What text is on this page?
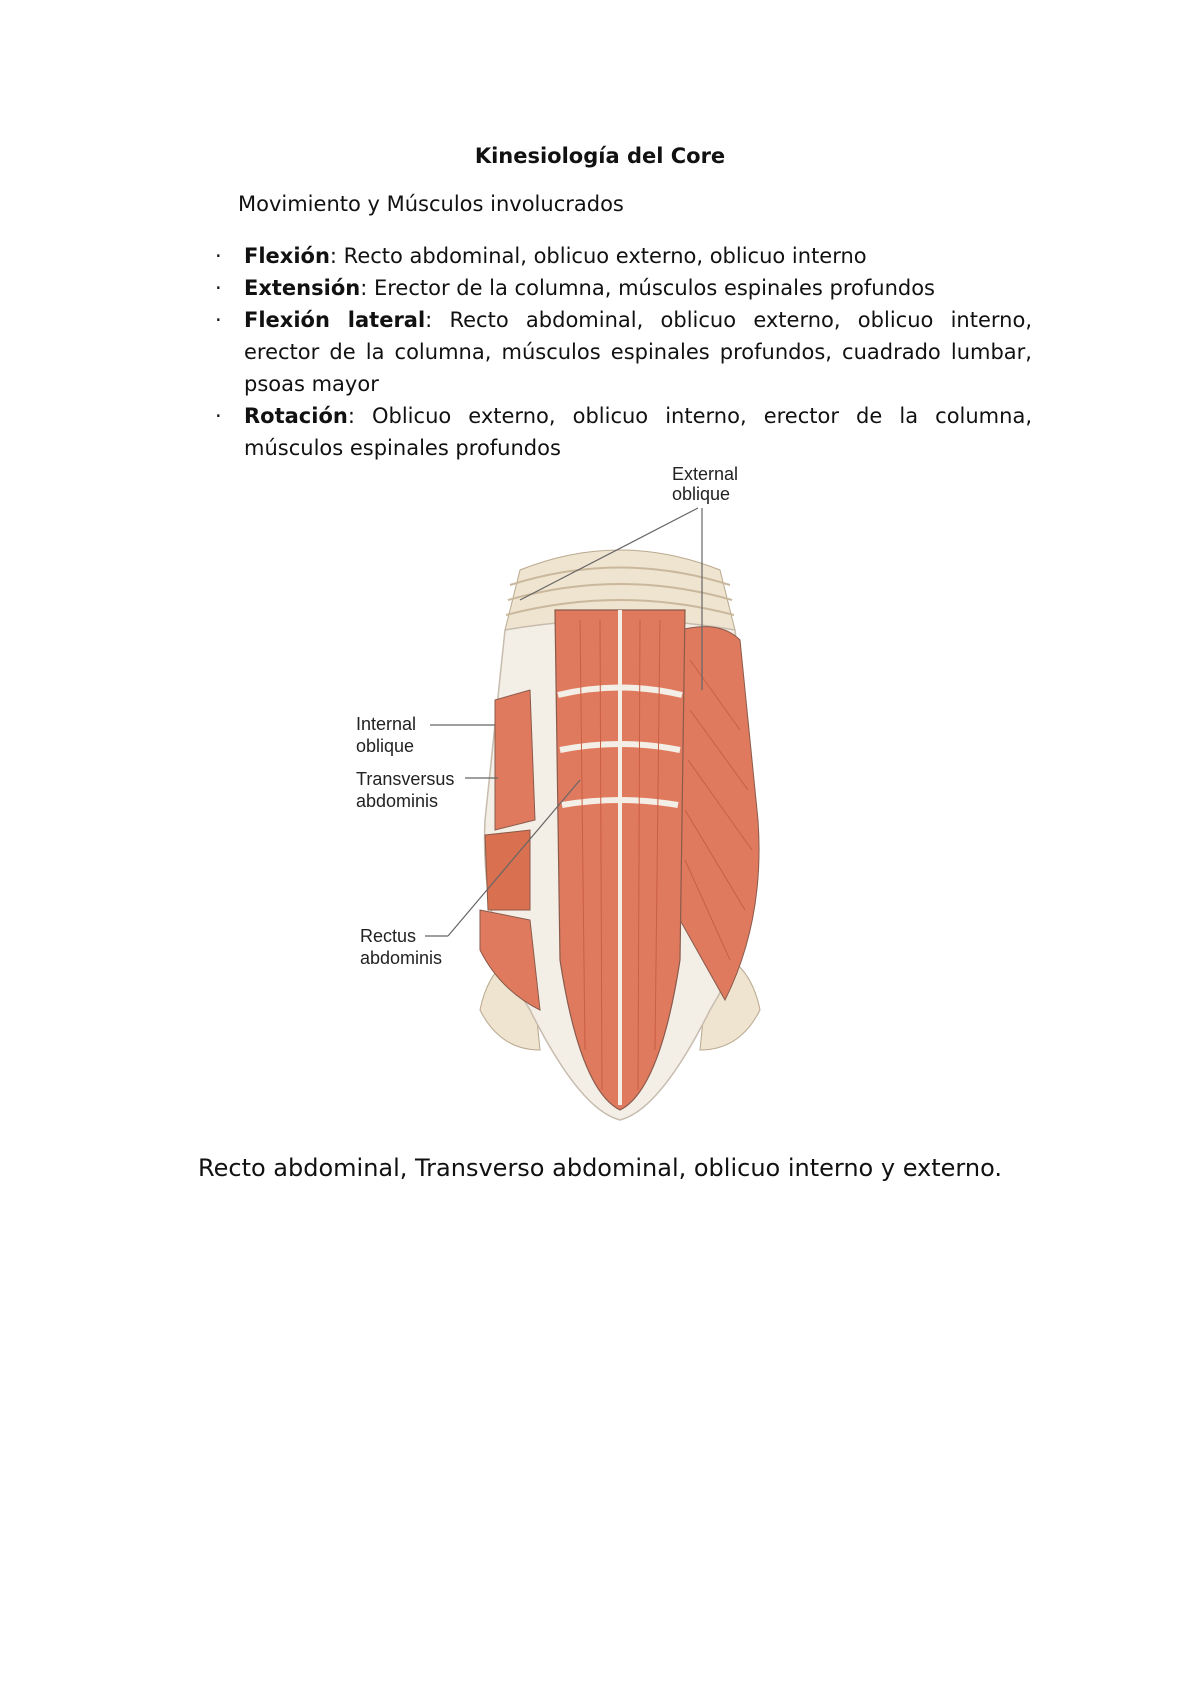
Kinesiología del Core
Movimiento y Músculos involucrados
· Flexión: Recto abdominal, oblicuo externo, oblicuo interno
· Extensión: Erector de la columna, músculos espinales profundos
· Flexión lateral: Recto abdominal, oblicuo externo, oblicuo interno, erector de la columna, músculos espinales profundos, cuadrado lumbar, psoas mayor
· Rotación: Oblicuo externo, oblicuo interno, erector de la columna, músculos espinales profundos
External
oblique
Internal
oblique
Transversus
abdominis
Rectus
abdominis
Recto abdominal, Transverso abdominal, oblicuo interno y externo.
